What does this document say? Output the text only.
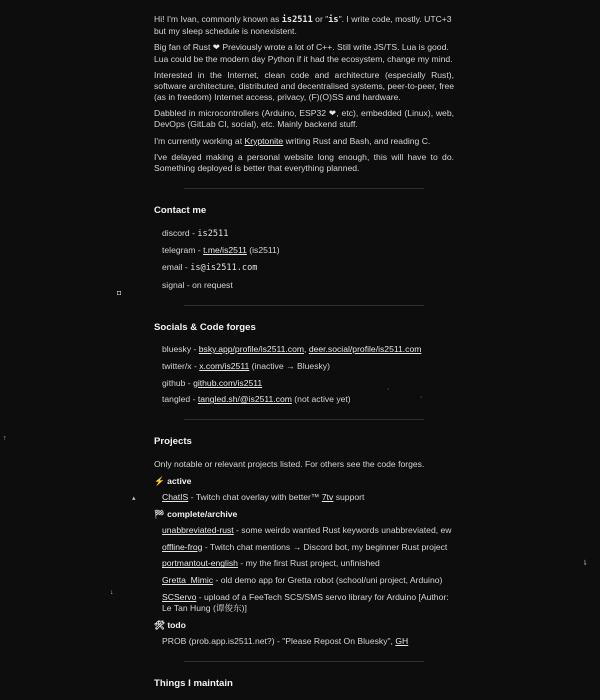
Hi! I'm Ivan, commonly known as is2511 or "is". I write code, mostly. UTC+3 but my sleep schedule is nonexistent.

Big fan of Rust ❤ Previously wrote a lot of C++. Still write JS/TS. Lua is good. Lua could be the modern day Python if it had the ecosystem, change my mind.

Interested in the Internet, clean code and architecture (especially Rust), software architecture, distributed and decentralised systems, peer-to-peer, free (as in freedom) Internet access, privacy, (F)(O)SS and hardware.

Dabbled in microcontrollers (Arduino, ESP32 ❤, etc), embedded (Linux), web, DevOps (GitLab CI, social), etc. Mainly backend stuff.

I'm currently working at Kryptonite writing Rust and Bash, and reading C.

I've delayed making a personal website long enough, this will have to do. Something deployed is better that everything planned.

Contact me
discord - is2511
telegram - t.me/is2511 (is2511)
email - is@is2511.com
signal - on request
Socials & Code forges
bluesky - bsky.app/profile/is2511.com, deer.social/profile/is2511.com
twitter/x - x.com/is2511 (inactive → Bluesky)
github - github.com/is2511
tangled - tangled.sh/@is2511.com (not active yet)
Projects

Only notable or relevant projects listed. For others see the code forges.

⚡ active
ChatIS - Twitch chat overlay with better™ 7tv support
🏁 complete/archive
unabbreviated-rust - some weirdo wanted Rust keywords unabbreviated, ew
offline-frog - Twitch chat mentions → Discord bot, my beginner Rust project
portmantout-english - my the first Rust project, unfinished
Gretta_Mimic - old demo app for Gretta robot (school/uni project, Arduino)
SCServo - upload of a FeeTech SCS/SMS servo library for Arduino [Author: Le Tan Hung (谭俊东)]
🛠 todo
PROB (prob.app.is2511.net?) - "Please Repost On Bluesky", GH
Things I maintain
◘
↑
▴
↓
⇂
·
·
